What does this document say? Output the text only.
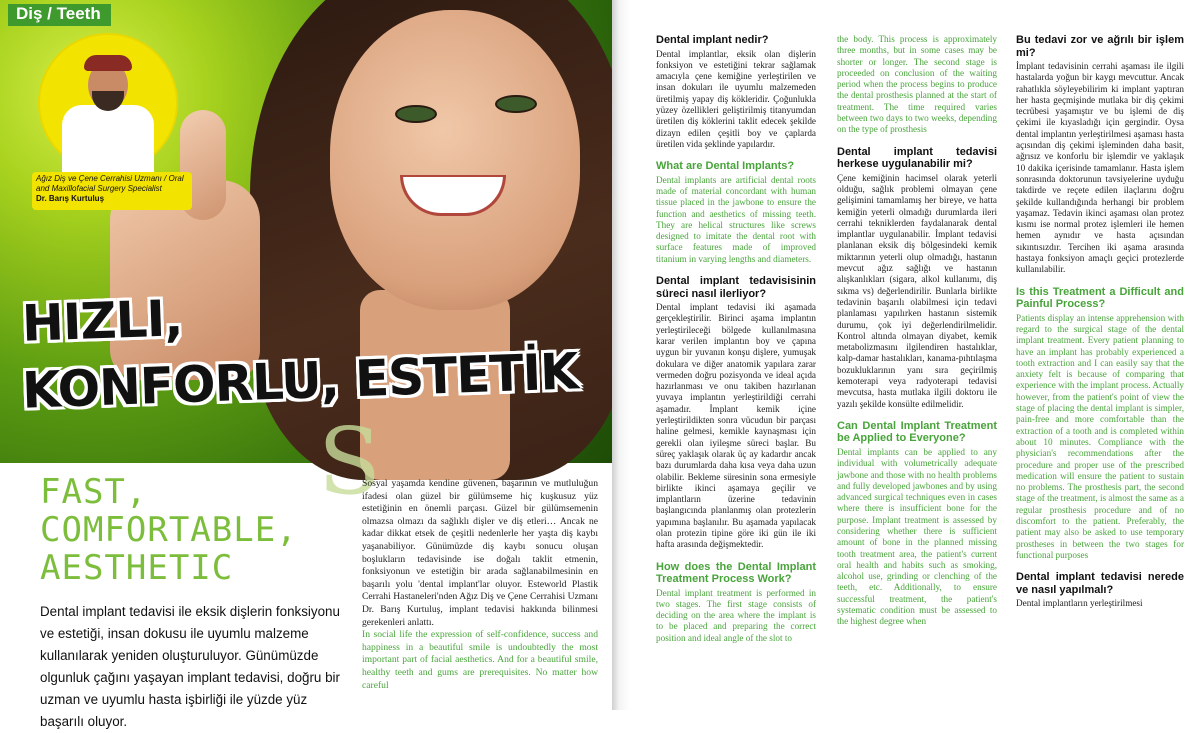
Diş / Teeth
Ağız Diş ve Çene Cerrahisi Uzmanı / Oral and Maxillofacial Surgery Specialist
Dr. Barış Kurtuluş
HIZLI,
KONFORLU, ESTETİK
S
FAST,
COMFORTABLE,
AESTHETIC
Dental implant tedavisi ile eksik dişlerin fonksiyonu ve estetiği, insan dokusu ile uyumlu malzeme kullanılarak yeniden oluşturuluyor. Günümüzde olgunluk çağını yaşayan implant tedavisi, doğru bir uzman ve uyumlu hasta işbirliği ile yüzde yüz başarılı oluyor.

Sosyal yaşamda kendine güvenen, başarının ve mutluluğun ifadesi olan güzel bir gülümseme hiç kuşkusuz yüz estetiğinin en önemli parçası. Güzel bir gülümsemenin olmazsa olmazı da sağlıklı dişler ve diş etleri… Ancak ne kadar dikkat etsek de çeşitli nedenlerle her yaşta diş kaybı yaşanabiliyor. Günümüzde diş kaybı sonucu oluşan boşlukların tedavisinde ise doğalı taklit etmenin, fonksiyonun ve estetiğin bir arada sağlanabilmesinin en başarılı yolu 'dental implant'lar oluyor. Esteworld Plastik Cerrahi Hastaneleri'nden Ağız Diş ve Çene Cerrahisi Uzmanı Dr. Barış Kurtuluş, implant tedavisi hakkında bilinmesi gerekenleri anlattı.

In social life the expression of self-confidence, success and happiness in a beautiful smile is undoubtedly the most important part of facial aesthetics. And for a beautiful smile, healthy teeth and gums are prerequisites. No matter how careful

Dental implant nedir?

Dental implantlar, eksik olan dişlerin fonksiyon ve estetiğini tekrar sağlamak amacıyla çene kemiğine yerleştirilen ve insan dokuları ile uyumlu malzemeden üretilmiş yapay diş kökleridir. Çoğunlukla yüzey özellikleri geliştirilmiş titanyumdan üretilen diş köklerini taklit edecek şekilde dizayn edilen çeşitli boy ve çaplarda üretilen vida şeklinde yapılardır.

What are Dental Implants?

Dental implants are artificial dental roots made of material concordant with human tissue placed in the jawbone to ensure the function and aesthetics of missing teeth. They are helical structures like screws designed to imitate the dental root with surface features made of improved titanium in varying lengths and diameters.

Dental implant tedavisisinin süreci nasıl ilerliyor?

Dental implant tedavisi iki aşamada gerçekleştirilir. Birinci aşama implantın yerleştirileceği bölgede kullanılmasına karar verilen implantın boy ve çapına uygun bir yuvanın konşu dişlere, yumuşak dokulara ve diğer anatomik yapılara zarar vermeden doğru pozisyonda ve ideal açıda hazırlanması ve onu takiben hazırlanan yuvaya implantın yerleştirildiği cerrahi aşamadır. İmplant kemik içine yerleştirildikten sonra vücudun bir parçası haline gelmesi, kemikle kaynaşması için gerekli olan iyileşme süreci başlar. Bu süreç yaklaşık olarak üç ay kadardır ancak bazı durumlarda daha kısa veya daha uzun olabilir. Bekleme süresinin sona ermesiyle birlikte ikinci aşamaya geçilir ve implantların üzerine tedavinin başlangıcında planlanmış olan protezlerin yapımına başlanılır. Bu aşamada yapılacak olan protezin tipine göre iki gün ile iki hafta arasında değişmektedir.

How does the Dental Implant Treatment Process Work?

Dental implant treatment is performed in two stages. The first stage consists of deciding on the area where the implant is to be placed and preparing the correct position and ideal angle of the slot to

the body. This process is approximately three months, but in some cases may be shorter or longer. The second stage is proceeded on conclusion of the waiting period when the process begins to produce the dental prosthesis planned at the start of treatment. The time required varies between two days to two weeks, depending on the type of prosthesis

Dental implant tedavisi herkese uygulanabilir mi?

Çene kemiğinin hacimsel olarak yeterli olduğu, sağlık problemi olmayan çene gelişimini tamamlamış her bireye, ve hatta kemiğin yeterli olmadığı durumlarda ileri cerrahi tekniklerden faydalanarak dental implantlar uygulanabilir. İmplant tedavisi planlanan eksik diş bölgesindeki kemik miktarının yeterli olup olmadığı, hastanın mevcut ağız sağlığı ve hastanın alışkanlıkları (sigara, alkol kullanımı, diş sıkma vs) değerlendirilir. Bunlarla birlikte tedavinin başarılı olabilmesi için tedavi planlaması yapılırken hastanın sistemik durumu, çok iyi değerlendirilmelidir. Kontrol altında olmayan diyabet, kemik metabolizmasını ilgilendiren hastalıklar, kalp-damar hastalıkları, kanama-pıhtılaşma bozukluklarının yanı sıra geçirilmiş kemoterapi veya radyoterapi tedavisi mevcutsa, hasta mutlaka ilgili doktoru ile yazılı şekilde konsülte edilmelidir.

Can Dental Implant Treatment be Applied to Everyone?

Dental implants can be applied to any individual with volumetrically adequate jawbone and those with no health problems and fully developed jawbones and by using advanced surgical techniques even in cases where there is insufficient bone for the purpose. Implant treatment is assessed by considering whether there is sufficient amount of bone in the planned missing tooth treatment area, the patient's current oral health and habits such as smoking, alcohol use, grinding or clenching of the teeth, etc. Additionally, to ensure successful treatment, the patient's systematic condition must be assessed to the highest degree when

Bu tedavi zor ve ağrılı bir işlem mi?

İmplant tedavisinin cerrahi aşaması ile ilgili hastalarda yoğun bir kaygı mevcuttur. Ancak rahatlıkla söyleyebilirim ki implant yaptıran her hasta geçmişinde mutlaka bir diş çekimi tecrübesi yaşamıştır ve bu işlemi de diş çekimi ile kıyasladığı için gergindir. Oysa dental implantın yerleştirilmesi aşaması hasta açısından diş çekimi işleminden daha basit, ağrısız ve konforlu bir işlemdir ve yaklaşık 10 dakika içerisinde tamamlanır. Hasta işlem sonrasında doktorunun tavsiyelerine uyduğu takdirde ve reçete edilen ilaçlarını doğru şekilde kullandığında herhangi bir problem yaşamaz. Tedavin ikinci aşaması olan protez kısmı ise normal protez işlemleri ile hemen hemen aynıdır ve hasta açısından sıkıntısızdır. Tercihen iki aşama arasında hastaya fonksiyon amaçlı geçici protezlerde kullanılabilir.

Is this Treatment a Difficult and Painful Process?

Patients display an intense apprehension with regard to the surgical stage of the dental implant treatment. Every patient planning to have an implant has probably experienced a tooth extraction and I can easily say that the anxiety felt is because of comparing that experience with the implant process. Actually however, from the patient's point of view the stage of placing the dental implant is simpler, pain-free and more comfortable than the extraction of a tooth and is completed within about 10 minutes. Compliance with the physician's recommendations after the procedure and proper use of the prescribed medication will ensure the patient to sustain no problems. The prosthesis part, the second stage of the treatment, is almost the same as a regular prosthesis procedure and of no discomfort to the patient. Preferably, the patient may also be asked to use temporary prostheses in between the two stages for functional purposes

Dental implant tedavisi nerede ve nasıl yapılmalı?

Dental implantların yerleştirilmesi
